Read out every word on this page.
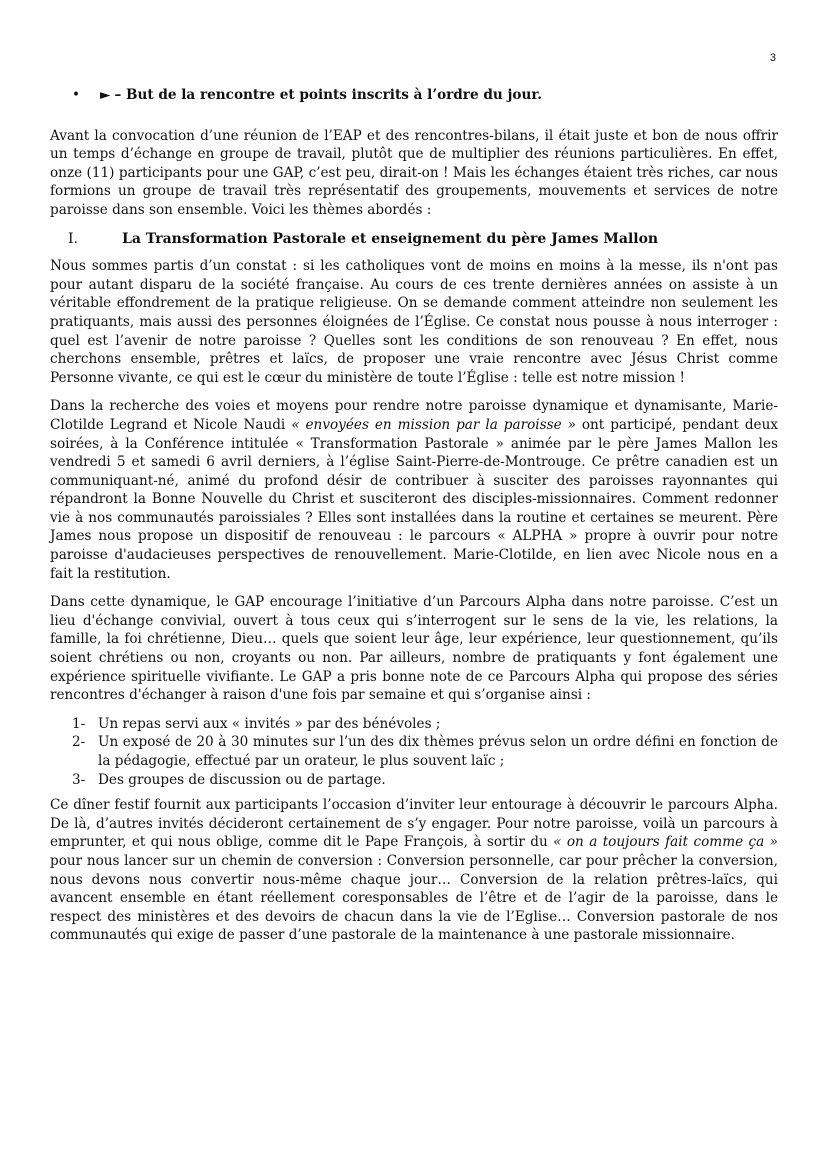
3
•	► – But de la rencontre et points inscrits à l’ordre du jour.

Avant la convocation d’une réunion de l’EAP et des rencontres-bilans, il était juste et bon de nous offrir un temps d’échange en groupe de travail, plutôt que de multiplier des réunions particulières. En effet, onze (11) participants pour une GAP, c’est peu, dirait-on ! Mais les échanges étaient très riches, car nous formions un groupe de travail très représentatif des groupements, mouvements et services de notre paroisse dans son ensemble. Voici les thèmes abordés :

I.	La Transformation Pastorale et enseignement du père James Mallon

Nous sommes partis d’un constat : si les catholiques vont de moins en moins à la messe, ils n'ont pas pour autant disparu de la société française. Au cours de ces trente dernières années on assiste à un véritable effondrement de la pratique religieuse. On se demande comment atteindre non seulement les pratiquants, mais aussi des personnes éloignées de l’Église. Ce constat nous pousse à nous interroger : quel est l’avenir de notre paroisse ? Quelles sont les conditions de son renouveau ? En effet, nous cherchons ensemble, prêtres et laïcs, de proposer une vraie rencontre avec Jésus Christ comme Personne vivante, ce qui est le cœur du ministère de toute l’Église : telle est notre mission !

Dans la recherche des voies et moyens pour rendre notre paroisse dynamique et dynamisante, Marie-Clotilde Legrand et Nicole Naudi « envoyées en mission par la paroisse » ont participé, pendant deux soirées, à la Conférence intitulée « Transformation Pastorale » animée par le père James Mallon les vendredi 5 et samedi 6 avril derniers, à l’église Saint-Pierre-de-Montrouge. Ce prêtre canadien est un communiquant-né, animé du profond désir de contribuer à susciter des paroisses rayonnantes qui répandront la Bonne Nouvelle du Christ et susciteront des disciples-missionnaires. Comment redonner vie à nos communautés paroissiales ? Elles sont installées dans la routine et certaines se meurent. Père James nous propose un dispositif de renouveau : le parcours « ALPHA » propre à ouvrir pour notre paroisse d'audacieuses perspectives de renouvellement. Marie-Clotilde, en lien avec Nicole nous en a fait la restitution.

Dans cette dynamique, le GAP encourage l’initiative d’un Parcours Alpha dans notre paroisse. C’est un lieu d'échange convivial, ouvert à tous ceux qui s’interrogent sur le sens de la vie, les relations, la famille, la foi chrétienne, Dieu… quels que soient leur âge, leur expérience, leur questionnement, qu’ils soient chrétiens ou non, croyants ou non. Par ailleurs, nombre de pratiquants y font également une expérience spirituelle vivifiante. Le GAP a pris bonne note de ce Parcours Alpha qui propose des séries rencontres d'échanger à raison d'une fois par semaine et qui s’organise ainsi :

1- Un repas servi aux « invités » par des bénévoles ;
2- Un exposé de 20 à 30 minutes sur l’un des dix thèmes prévus selon un ordre défini en fonction de la pédagogie, effectué par un orateur, le plus souvent laïc ;
3- Des groupes de discussion ou de partage.

Ce dîner festif fournit aux participants l’occasion d’inviter leur entourage à découvrir le parcours Alpha. De là, d’autres invités décideront certainement de s’y engager. Pour notre paroisse, voilà un parcours à emprunter, et qui nous oblige, comme dit le Pape François, à sortir du « on a toujours fait comme ça » pour nous lancer sur un chemin de conversion : Conversion personnelle, car pour prêcher la conversion, nous devons nous convertir nous-même chaque jour… Conversion de la relation prêtres-laïcs, qui avancent ensemble en étant réellement coresponsables de l’être et de l’agir de la paroisse, dans le respect des ministères et des devoirs de chacun dans la vie de l’Eglise… Conversion pastorale de nos communautés qui exige de passer d’une pastorale de la maintenance à une pastorale missionnaire.
